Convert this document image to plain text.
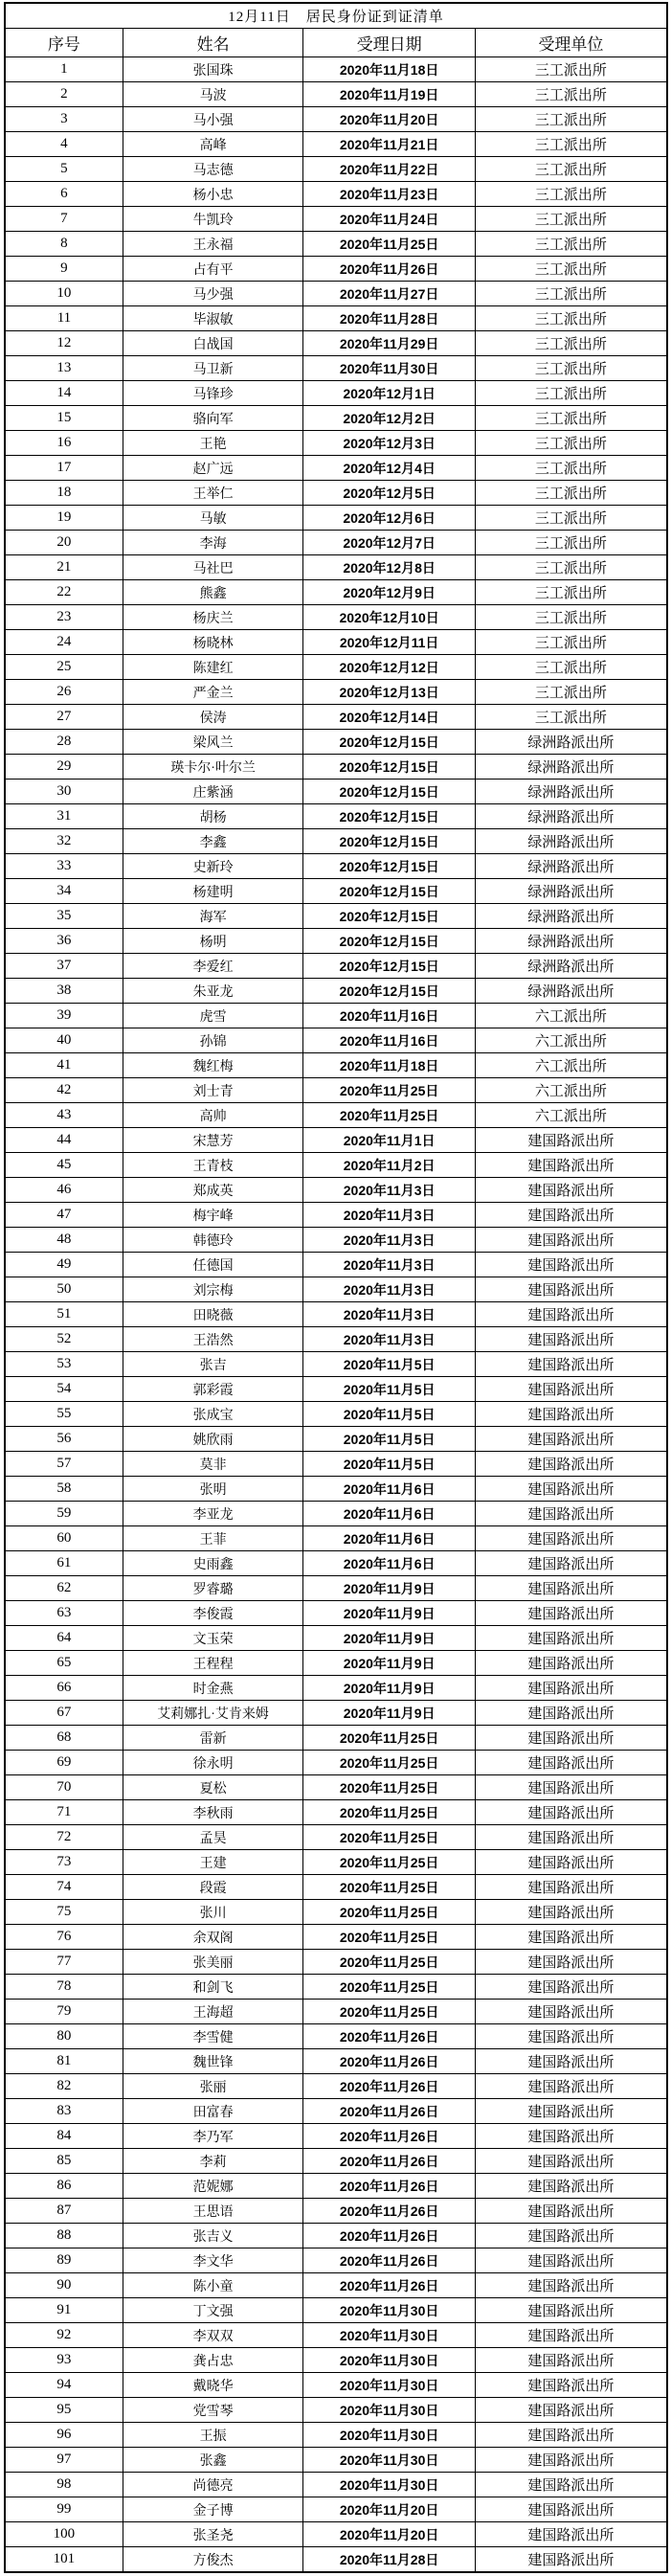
12月11日　居民身份证到证清单			
序号	姓名	受理日期	受理单位
1	张国珠	2020年11月18日	三工派出所
2	马波	2020年11月19日	三工派出所
3	马小强	2020年11月20日	三工派出所
4	高峰	2020年11月21日	三工派出所
5	马志德	2020年11月22日	三工派出所
6	杨小忠	2020年11月23日	三工派出所
7	牛凯玲	2020年11月24日	三工派出所
8	王永福	2020年11月25日	三工派出所
9	占有平	2020年11月26日	三工派出所
10	马少强	2020年11月27日	三工派出所
11	毕淑敏	2020年11月28日	三工派出所
12	白战国	2020年11月29日	三工派出所
13	马卫新	2020年11月30日	三工派出所
14	马锋珍	2020年12月1日	三工派出所
15	骆向军	2020年12月2日	三工派出所
16	王艳	2020年12月3日	三工派出所
17	赵广远	2020年12月4日	三工派出所
18	王举仁	2020年12月5日	三工派出所
19	马敏	2020年12月6日	三工派出所
20	李海	2020年12月7日	三工派出所
21	马社巴	2020年12月8日	三工派出所
22	熊鑫	2020年12月9日	三工派出所
23	杨庆兰	2020年12月10日	三工派出所
24	杨晓林	2020年12月11日	三工派出所
25	陈建红	2020年12月12日	三工派出所
26	严金兰	2020年12月13日	三工派出所
27	侯涛	2020年12月14日	三工派出所
28	梁风兰	2020年12月15日	绿洲路派出所
29	瑛卡尔·叶尔兰	2020年12月15日	绿洲路派出所
30	庄紫涵	2020年12月15日	绿洲路派出所
31	胡杨	2020年12月15日	绿洲路派出所
32	李鑫	2020年12月15日	绿洲路派出所
33	史新玲	2020年12月15日	绿洲路派出所
34	杨建明	2020年12月15日	绿洲路派出所
35	海军	2020年12月15日	绿洲路派出所
36	杨明	2020年12月15日	绿洲路派出所
37	李爱红	2020年12月15日	绿洲路派出所
38	朱亚龙	2020年12月15日	绿洲路派出所
39	虎雪	2020年11月16日	六工派出所
40	孙锦	2020年11月16日	六工派出所
41	魏红梅	2020年11月18日	六工派出所
42	刘士青	2020年11月25日	六工派出所
43	高帅	2020年11月25日	六工派出所
44	宋慧芳	2020年11月1日	建国路派出所
45	王青枝	2020年11月2日	建国路派出所
46	郑成英	2020年11月3日	建国路派出所
47	梅宇峰	2020年11月3日	建国路派出所
48	韩德玲	2020年11月3日	建国路派出所
49	任德国	2020年11月3日	建国路派出所
50	刘宗梅	2020年11月3日	建国路派出所
51	田晓薇	2020年11月3日	建国路派出所
52	王浩然	2020年11月3日	建国路派出所
53	张吉	2020年11月5日	建国路派出所
54	郭彩霞	2020年11月5日	建国路派出所
55	张成宝	2020年11月5日	建国路派出所
56	姚欣雨	2020年11月5日	建国路派出所
57	莫非	2020年11月5日	建国路派出所
58	张明	2020年11月6日	建国路派出所
59	李亚龙	2020年11月6日	建国路派出所
60	王菲	2020年11月6日	建国路派出所
61	史雨鑫	2020年11月6日	建国路派出所
62	罗睿璐	2020年11月9日	建国路派出所
63	李俊霞	2020年11月9日	建国路派出所
64	文玉荣	2020年11月9日	建国路派出所
65	王程程	2020年11月9日	建国路派出所
66	时金燕	2020年11月9日	建国路派出所
67	艾莉娜扎·艾肯来姆	2020年11月9日	建国路派出所
68	雷新	2020年11月25日	建国路派出所
69	徐永明	2020年11月25日	建国路派出所
70	夏松	2020年11月25日	建国路派出所
71	李秋雨	2020年11月25日	建国路派出所
72	孟昊	2020年11月25日	建国路派出所
73	王建	2020年11月25日	建国路派出所
74	段霞	2020年11月25日	建国路派出所
75	张川	2020年11月25日	建国路派出所
76	余双阁	2020年11月25日	建国路派出所
77	张美丽	2020年11月25日	建国路派出所
78	和剑飞	2020年11月25日	建国路派出所
79	王海超	2020年11月25日	建国路派出所
80	李雪健	2020年11月26日	建国路派出所
81	魏世锋	2020年11月26日	建国路派出所
82	张丽	2020年11月26日	建国路派出所
83	田富春	2020年11月26日	建国路派出所
84	李乃军	2020年11月26日	建国路派出所
85	李莉	2020年11月26日	建国路派出所
86	范妮娜	2020年11月26日	建国路派出所
87	王思语	2020年11月26日	建国路派出所
88	张吉义	2020年11月26日	建国路派出所
89	李文华	2020年11月26日	建国路派出所
90	陈小童	2020年11月26日	建国路派出所
91	丁文强	2020年11月30日	建国路派出所
92	李双双	2020年11月30日	建国路派出所
93	龚占忠	2020年11月30日	建国路派出所
94	戴晓华	2020年11月30日	建国路派出所
95	党雪琴	2020年11月30日	建国路派出所
96	王振	2020年11月30日	建国路派出所
97	张鑫	2020年11月30日	建国路派出所
98	尚德亮	2020年11月30日	建国路派出所
99	金子博	2020年11月20日	建国路派出所
100	张圣尧	2020年11月20日	建国路派出所
101	方俊杰	2020年11月28日	建国路派出所
